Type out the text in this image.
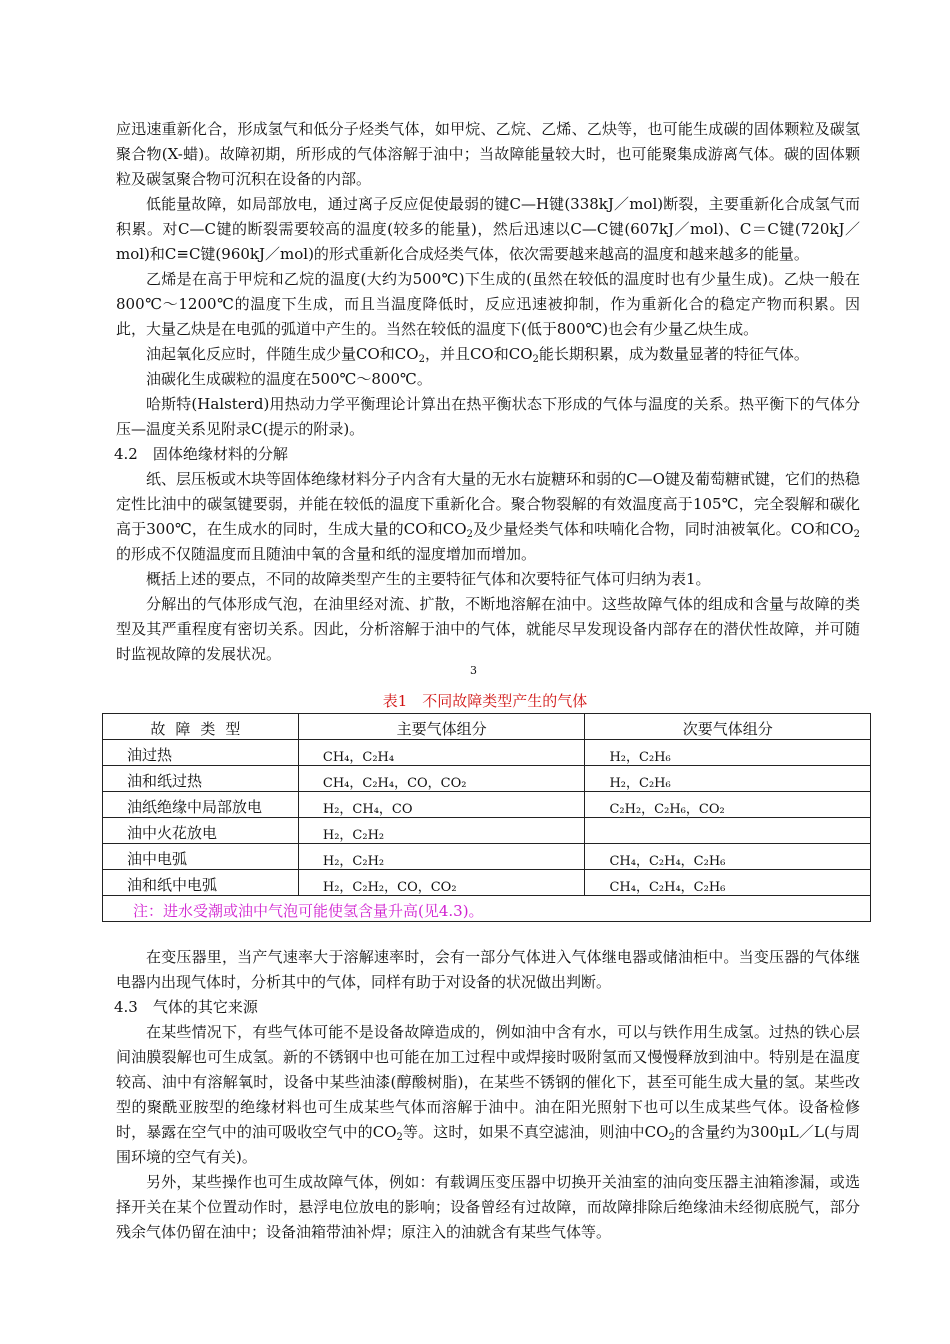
应迅速重新化合，形成氢气和低分子烃类气体，如甲烷、乙烷、乙烯、乙炔等，也可能生成碳的固体颗粒及碳氢聚合物(X-蜡)。故障初期，所形成的气体溶解于油中；当故障能量较大时，也可能聚集成游离气体。碳的固体颗粒及碳氢聚合物可沉积在设备的内部。

低能量故障，如局部放电，通过离子反应促使最弱的键C—H键(338kJ／mol)断裂，主要重新化合成氢气而积累。对C—C键的断裂需要较高的温度(较多的能量)，然后迅速以C—C键(607kJ／mol)、C＝C键(720kJ／mol)和C≡C键(960kJ／mol)的形式重新化合成烃类气体，依次需要越来越高的温度和越来越多的能量。

乙烯是在高于甲烷和乙烷的温度(大约为500℃)下生成的(虽然在较低的温度时也有少量生成)。乙炔一般在800℃～1200℃的温度下生成，而且当温度降低时，反应迅速被抑制，作为重新化合的稳定产物而积累。因此，大量乙炔是在电弧的弧道中产生的。当然在较低的温度下(低于800℃)也会有少量乙炔生成。

油起氧化反应时，伴随生成少量CO和$CO_2$，并且CO和$CO_2$能长期积累，成为数量显著的特征气体。

油碳化生成碳粒的温度在500℃～800℃。

哈斯特(Halsterd)用热动力学平衡理论计算出在热平衡状态下形成的气体与温度的关系。热平衡下的气体分压—温度关系见附录C(提示的附录)。

4.2　固体绝缘材料的分解

纸、层压板或木块等固体绝缘材料分子内含有大量的无水右旋糖环和弱的C—O键及葡萄糖甙键，它们的热稳定性比油中的碳氢键要弱，并能在较低的温度下重新化合。聚合物裂解的有效温度高于105℃，完全裂解和碳化高于300℃，在生成水的同时，生成大量的CO和$CO_2$及少量烃类气体和呋喃化合物，同时油被氧化。CO和$CO_2$的形成不仅随温度而且随油中氧的含量和纸的湿度增加而增加。

概括上述的要点，不同的故障类型产生的主要特征气体和次要特征气体可归纳为表1。

分解出的气体形成气泡，在油里经对流、扩散，不断地溶解在油中。这些故障气体的组成和含量与故障的类型及其严重程度有密切关系。因此，分析溶解于油中的气体，就能尽早发现设备内部存在的潜伏性故障，并可随时监视故障的发展状况。

3
表1　不同故障类型产生的气体
故障类型	主要气体组分	次要气体组分
油过热	CH₄，C₂H₄	H₂，C₂H₆
油和纸过热	CH₄，C₂H₄，CO，CO₂	H₂，C₂H₆
油纸绝缘中局部放电	H₂，CH₄，CO	C₂H₂，C₂H₆，CO₂
油中火花放电	H₂，C₂H₂	
油中电弧	H₂，C₂H₂	CH₄，C₂H₄，C₂H₆
油和纸中电弧	H₂，C₂H₂，CO，CO₂	CH₄，C₂H₄，C₂H₆
注：进水受潮或油中气泡可能使氢含量升高(见4.3)。		

在变压器里，当产气速率大于溶解速率时，会有一部分气体进入气体继电器或储油柜中。当变压器的气体继电器内出现气体时，分析其中的气体，同样有助于对设备的状况做出判断。

4.3　气体的其它来源

在某些情况下，有些气体可能不是设备故障造成的，例如油中含有水，可以与铁作用生成氢。过热的铁心层间油膜裂解也可生成氢。新的不锈钢中也可能在加工过程中或焊接时吸附氢而又慢慢释放到油中。特别是在温度较高、油中有溶解氧时，设备中某些油漆(醇酸树脂)，在某些不锈钢的催化下，甚至可能生成大量的氢。某些改型的聚酰亚胺型的绝缘材料也可生成某些气体而溶解于油中。油在阳光照射下也可以生成某些气体。设备检修时，暴露在空气中的油可吸收空气中的$CO_2$等。这时，如果不真空滤油，则油中$CO_2$的含量约为300μL／L(与周围环境的空气有关)。

另外，某些操作也可生成故障气体，例如：有载调压变压器中切换开关油室的油向变压器主油箱渗漏，或选择开关在某个位置动作时，悬浮电位放电的影响；设备曾经有过故障，而故障排除后绝缘油未经彻底脱气，部分残余气体仍留在油中；设备油箱带油补焊；原注入的油就含有某些气体等。
